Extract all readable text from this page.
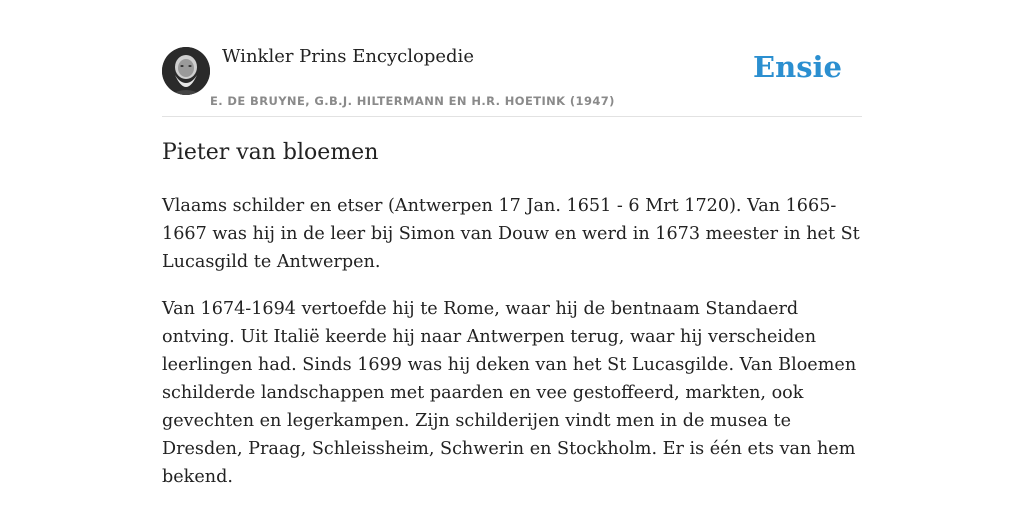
Winkler Prins Encyclopedie
E. DE BRUYNE, G.B.J. HILTERMANN EN H.R. HOETINK (1947)
Ensie
Pieter van bloemen

Vlaams schilder en etser (Antwerpen 17 Jan. 1651 - 6 Mrt 1720). Van 1665-1667 was hij in de leer bij Simon van Douw en werd in 1673 meester in het St Lucasgild te Antwerpen.

Van 1674-1694 vertoefde hij te Rome, waar hij de bentnaam Standaerd ontving. Uit Italië keerde hij naar Antwerpen terug, waar hij verscheiden leerlingen had. Sinds 1699 was hij deken van het St Lucasgilde. Van Bloemen schilderde landschappen met paarden en vee gestoffeerd, markten, ook gevechten en legerkampen. Zijn schilderijen vindt men in de musea te Dresden, Praag, Schleissheim, Schwerin en Stockholm. Er is één ets van hem bekend.
